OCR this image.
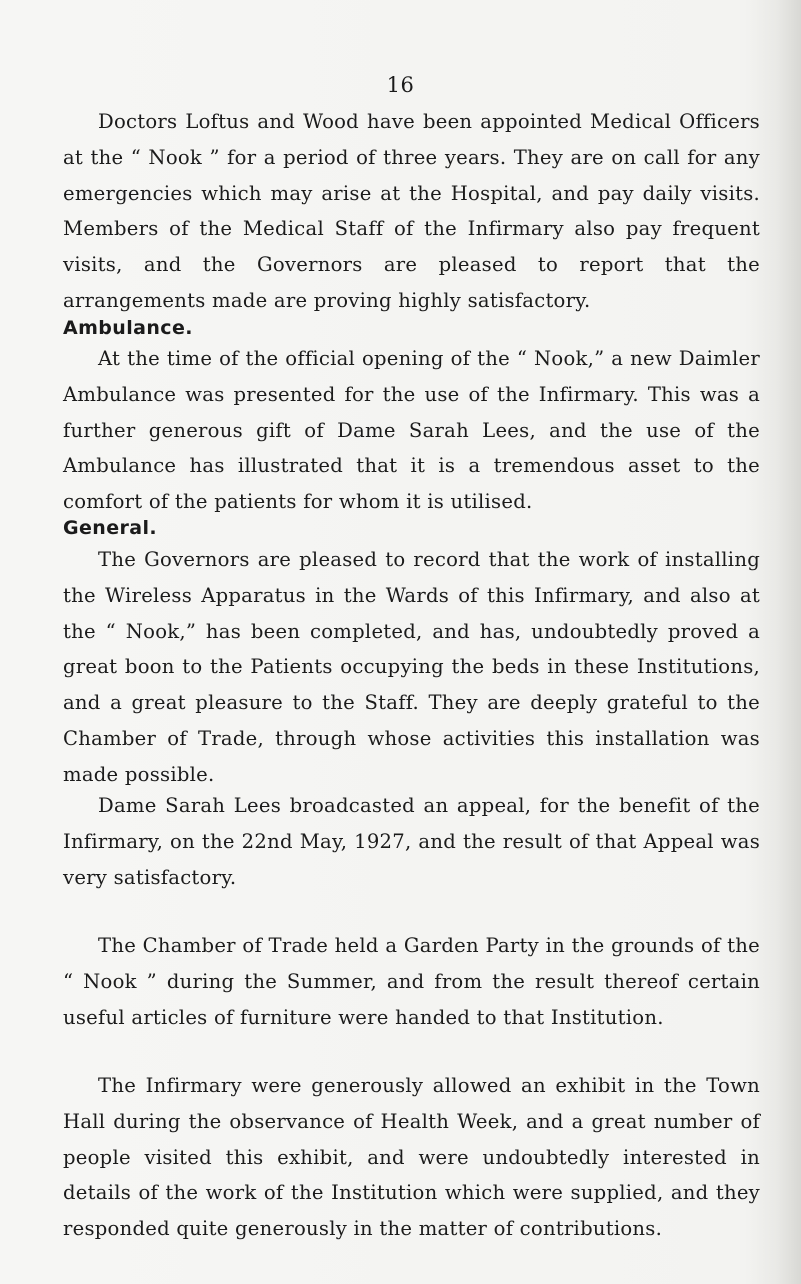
16

Doctors Loftus and Wood have been appointed Medical Officers at the “ Nook ” for a period of three years. They are on call for any emergencies which may arise at the Hospital, and pay daily visits. Members of the Medical Staff of the Infirmary also pay frequent visits, and the Governors are pleased to report that the arrangements made are proving highly satisfactory.

Ambulance.

At the time of the official opening of the “ Nook,” a new Daimler Ambulance was presented for the use of the Infirmary. This was a further generous gift of Dame Sarah Lees, and the use of the Ambulance has illustrated that it is a tremendous asset to the comfort of the patients for whom it is utilised.

General.

The Governors are pleased to record that the work of installing the Wireless Apparatus in the Wards of this Infirmary, and also at the “ Nook,” has been completed, and has, undoubtedly proved a great boon to the Patients occupying the beds in these Institutions, and a great pleasure to the Staff. They are deeply grateful to the Chamber of Trade, through whose activities this installation was made possible.

Dame Sarah Lees broadcasted an appeal, for the benefit of the Infirmary, on the 22nd May, 1927, and the result of that Appeal was very satisfactory.

The Chamber of Trade held a Garden Party in the grounds of the “ Nook ” during the Summer, and from the result thereof certain useful articles of furniture were handed to that Institution.

The Infirmary were generously allowed an exhibit in the Town Hall during the observance of Health Week, and a great number of people visited this exhibit, and were undoubtedly interested in details of the work of the Institution which were supplied, and they responded quite generously in the matter of contributions.
